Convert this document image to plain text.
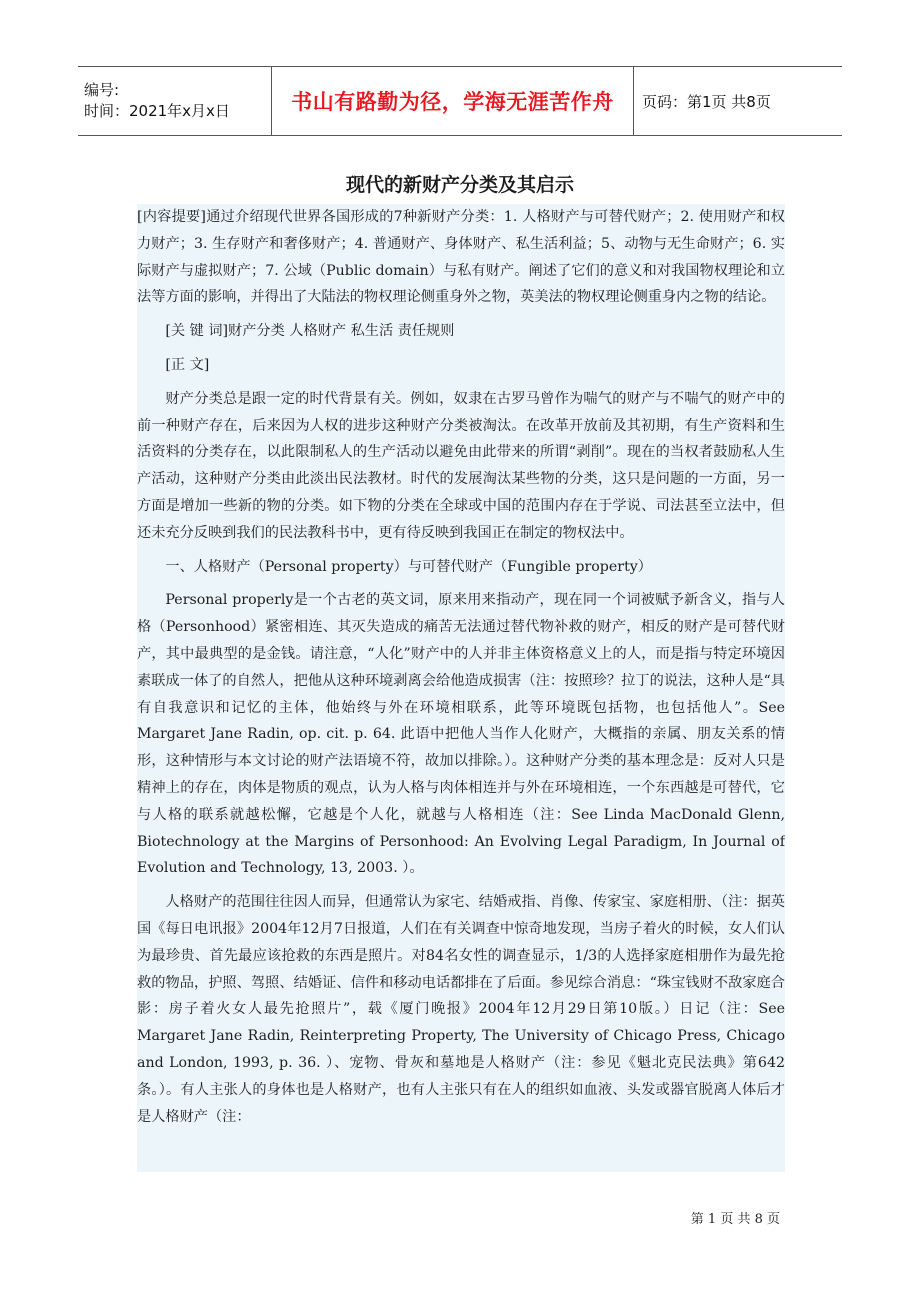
编号:
时间：2021年x月x日	书山有路勤为径，学海无涯苦作舟 页码：第1页 共8页
现代的新财产分类及其启示

[内容提要]通过介绍现代世界各国形成的7种新财产分类：1. 人格财产与可替代财产；2. 使用财产和权力财产；3. 生存财产和奢侈财产；4. 普通财产、身体财产、私生活利益；5、动物与无生命财产；6. 实际财产与虚拟财产；7. 公域（Public domain）与私有财产。阐述了它们的意义和对我国物权理论和立法等方面的影响，并得出了大陆法的物权理论侧重身外之物，英美法的物权理论侧重身内之物的结论。

[关 键 词]财产分类 人格财产 私生活 责任规则

[正 文]

财产分类总是跟一定的时代背景有关。例如，奴隶在古罗马曾作为喘气的财产与不喘气的财产中的前一种财产存在，后来因为人权的进步这种财产分类被淘汰。在改革开放前及其初期，有生产资料和生活资料的分类存在，以此限制私人的生产活动以避免由此带来的所谓“剥削”。现在的当权者鼓励私人生产活动，这种财产分类由此淡出民法教材。时代的发展淘汰某些物的分类，这只是问题的一方面，另一方面是增加一些新的物的分类。如下物的分类在全球或中国的范围内存在于学说、司法甚至立法中，但还未充分反映到我们的民法教科书中，更有待反映到我国正在制定的物权法中。

一、人格财产（Personal property）与可替代财产（Fungible property）

Personal properly是一个古老的英文词，原来用来指动产，现在同一个词被赋予新含义，指与人格（Personhood）紧密相连、其灭失造成的痛苦无法通过替代物补救的财产，相反的财产是可替代财产，其中最典型的是金钱。请注意，“人化”财产中的人并非主体资格意义上的人，而是指与特定环境因素联成一体了的自然人，把他从这种环境剥离会给他造成损害（注：按照珍？拉丁的说法，这种人是“具有自我意识和记忆的主体，他始终与外在环境相联系，此等环境既包括物，也包括他人”。See Margaret Jane Radin, op. cit. p. 64. 此语中把他人当作人化财产，大概指的亲属、朋友关系的情形，这种情形与本文讨论的财产法语境不符，故加以排除。）。这种财产分类的基本理念是：反对人只是精神上的存在，肉体是物质的观点，认为人格与肉体相连并与外在环境相连，一个东西越是可替代，它与人格的联系就越松懈，它越是个人化，就越与人格相连（注：See Linda MacDonald Glenn, Biotechnology at the Margins of Personhood: An Evolving Legal Paradigm, In Journal of Evolution and Technology, 13, 2003. ）。

人格财产的范围往往因人而异，但通常认为家宅、结婚戒指、肖像、传家宝、家庭相册、（注：据英国《每日电讯报》2004年12月7日报道，人们在有关调查中惊奇地发现，当房子着火的时候，女人们认为最珍贵、首先最应该抢救的东西是照片。对84名女性的调查显示，1/3的人选择家庭相册作为最先抢救的物品，护照、驾照、结婚证、信件和移动电话都排在了后面。参见综合消息：“珠宝钱财不敌家庭合影：房子着火女人最先抢照片”，载《厦门晚报》2004年12月29日第10版。）日记（注：See Margaret Jane Radin, Reinterpreting Property, The University of Chicago Press, Chicago and London, 1993, p. 36. ）、宠物、骨灰和墓地是人格财产（注：参见《魁北克民法典》第642条。）。有人主张人的身体也是人格财产，也有人主张只有在人的组织如血液、头发或器官脱离人体后才是人格财产（注：

第 1 页 共 8 页
